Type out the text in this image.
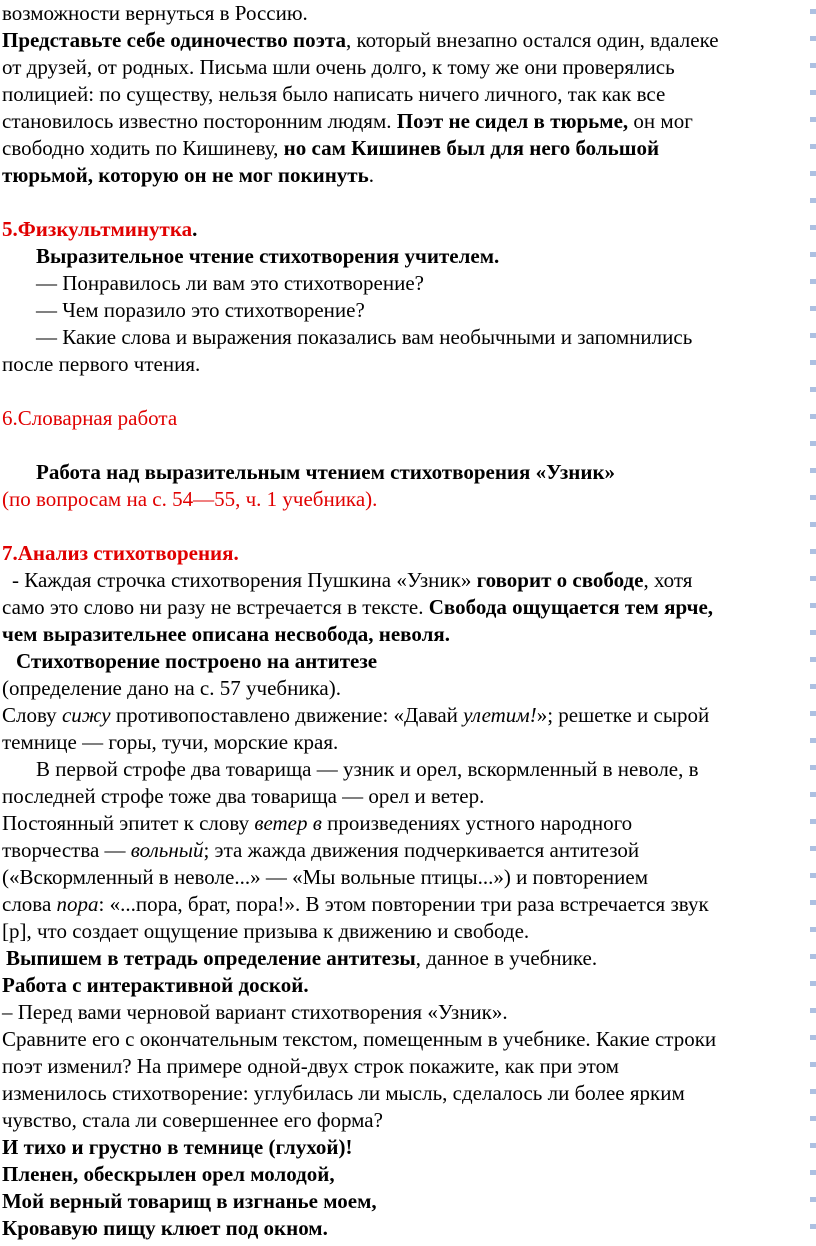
возможности вернуться в Россию.

Представьте себе одиночество поэта, который внезапно остался один, вдалеке

от друзей, от родных. Письма шли очень долго, к тому же они проверялись

полицией: по существу, нельзя было написать ничего личного, так как все

становилось известно посторонним людям. Поэт не сидел в тюрьме, он мог

свободно ходить по Кишиневу, но сам Кишинев был для него большой

тюрьмой, которую он не мог покинуть.

5.Физкультминутка.

Выразительное чтение стихотворения учителем.

— Понравилось ли вам это стихотворение?

— Чем поразило это стихотворение?

— Какие слова и выражения показались вам необычными и запомнились

после первого чтения.

6.Словарная работа

Работа над выразительным чтением стихотворения «Узник»

(по вопросам на с. 54—55, ч. 1 учебника).

7.Анализ стихотворения.

- Каждая строчка стихотворения Пушкина «Узник» говорит о свободе, хотя

само это слово ни разу не встречается в тексте. Свобода ощущается тем ярче,

чем выразительнее описана несвобода, неволя.

Стихотворение построено на антитезе

(определение дано на с. 57 учебника).

Слову сижу противопоставлено движение: «Давай улетим!»; решетке и сырой

темнице — горы, тучи, морские края.

В первой строфе два товарища — узник и орел, вскормленный в неволе, в

последней строфе тоже два товарища — орел и ветер.

Постоянный эпитет к слову ветер в произведениях устного народного

творчества — вольный; эта жажда движения подчеркивается антитезой

(«Вскормленный в неволе...» — «Мы вольные птицы...») и повторением

слова пора: «...пора, брат, пора!». В этом повторении три раза встречается звук

[р], что создает ощущение призыва к движению и свободе.

Выпишем в тетрадь определение антитезы, данное в учебнике.

Работа с интерактивной доской.

– Перед вами черновой вариант стихотворения «Узник».

Сравните его с окончательным текстом, помещенным в учебнике. Какие строки

поэт изменил? На примере одной-двух строк покажите, как при этом

изменилось стихотворение: углубилась ли мысль, сделалось ли более ярким

чувство, стала ли совершеннее его форма?

И тихо и грустно в темнице (глухой)!

Пленен, обескрылен орел молодой,

Мой верный товарищ в изгнанье моем,

Кровавую пищу клюет под окном.
